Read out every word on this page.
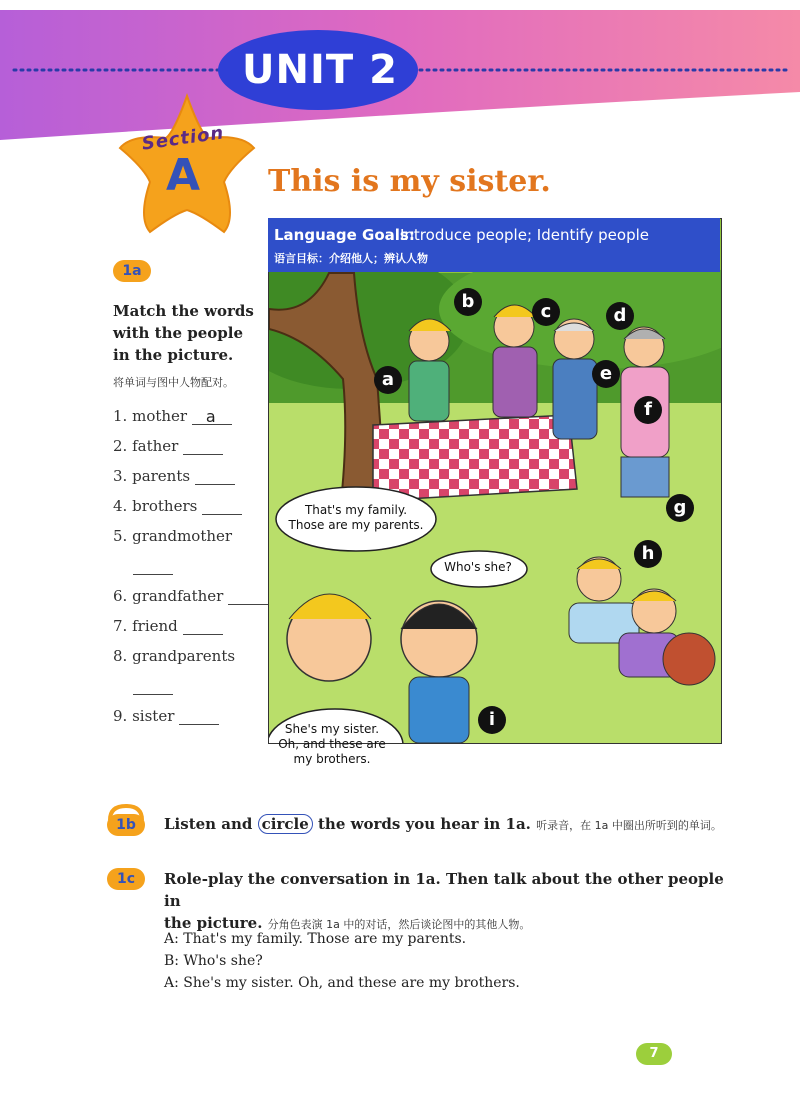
UNIT 2
Section
A	This is my sister.
1a
Match the words with the people in the picture.
将单词与图中人物配对。
1. mother a
2. father
3. parents
4. brothers
5. grandmother
6. grandfather
7. friend
8. grandparents
9. sister
Language Goals:
Introduce people; Identify people
语言目标：介绍他人；辨认人物
a
b	c	d
e
f
g
h
i
That's my family.
Those are my parents.
Who's she?
She's my sister.
Oh, and these are
my brothers.
1b	Listen and circle the words you hear in 1a. 听录音，在 1a 中圈出所听到的单词。
1c	Role-play the conversation in 1a. Then talk about the other people in
the picture. 分角色表演 1a 中的对话，然后谈论图中的其他人物。
A: That's my family. Those are my parents.
B: Who's she?
A: She's my sister. Oh, and these are my brothers.
7
